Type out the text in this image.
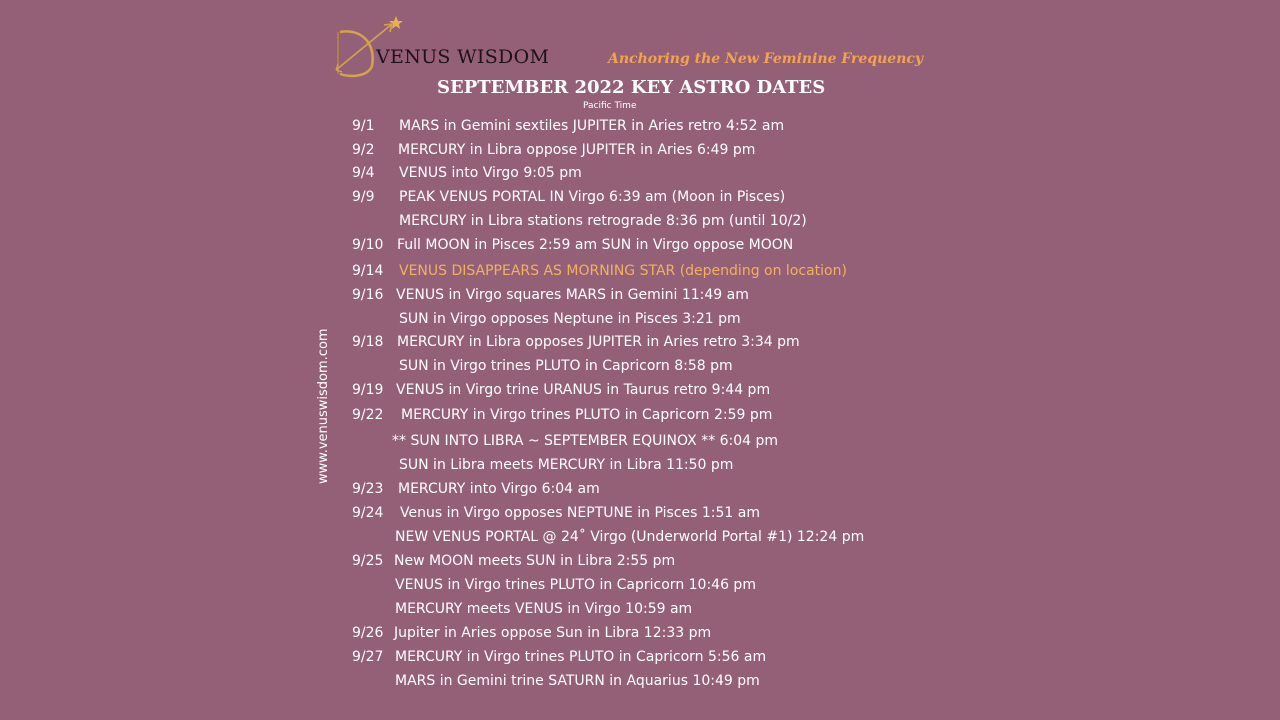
VENUS WISDOM	Anchoring the New Feminine Frequency
SEPTEMBER 2022 KEY ASTRO DATES
Pacific Time
www.venuswisdom.com
9/1 MARS in Gemini sextiles JUPITER in Aries retro 4:52 am
9/2 MERCURY in Libra oppose JUPITER in Aries 6:49 pm
9/4 VENUS into Virgo 9:05 pm
9/9 PEAK VENUS PORTAL IN Virgo 6:39 am (Moon in Pisces)
MERCURY in Libra stations retrograde 8:36 pm (until 10/2)
9/10 Full MOON in Pisces 2:59 am SUN in Virgo oppose MOON
9/14 VENUS DISAPPEARS AS MORNING STAR (depending on location)
9/16 VENUS in Virgo squares MARS in Gemini 11:49 am
SUN in Virgo opposes Neptune in Pisces 3:21 pm
9/18 MERCURY in Libra opposes JUPITER in Aries retro 3:34 pm
SUN in Virgo trines PLUTO in Capricorn 8:58 pm
9/19 VENUS in Virgo trine URANUS in Taurus retro 9:44 pm
9/22 MERCURY in Virgo trines PLUTO in Capricorn 2:59 pm
** SUN INTO LIBRA ~ SEPTEMBER EQUINOX ** 6:04 pm
SUN in Libra meets MERCURY in Libra 11:50 pm
9/23 MERCURY into Virgo 6:04 am
9/24 Venus in Virgo opposes NEPTUNE in Pisces 1:51 am
NEW VENUS PORTAL @ 24˚ Virgo (Underworld Portal #1) 12:24 pm
9/25 New MOON meets SUN in Libra 2:55 pm
VENUS in Virgo trines PLUTO in Capricorn 10:46 pm
MERCURY meets VENUS in Virgo 10:59 am
9/26 Jupiter in Aries oppose Sun in Libra 12:33 pm
9/27 MERCURY in Virgo trines PLUTO in Capricorn 5:56 am
MARS in Gemini trine SATURN in Aquarius 10:49 pm
